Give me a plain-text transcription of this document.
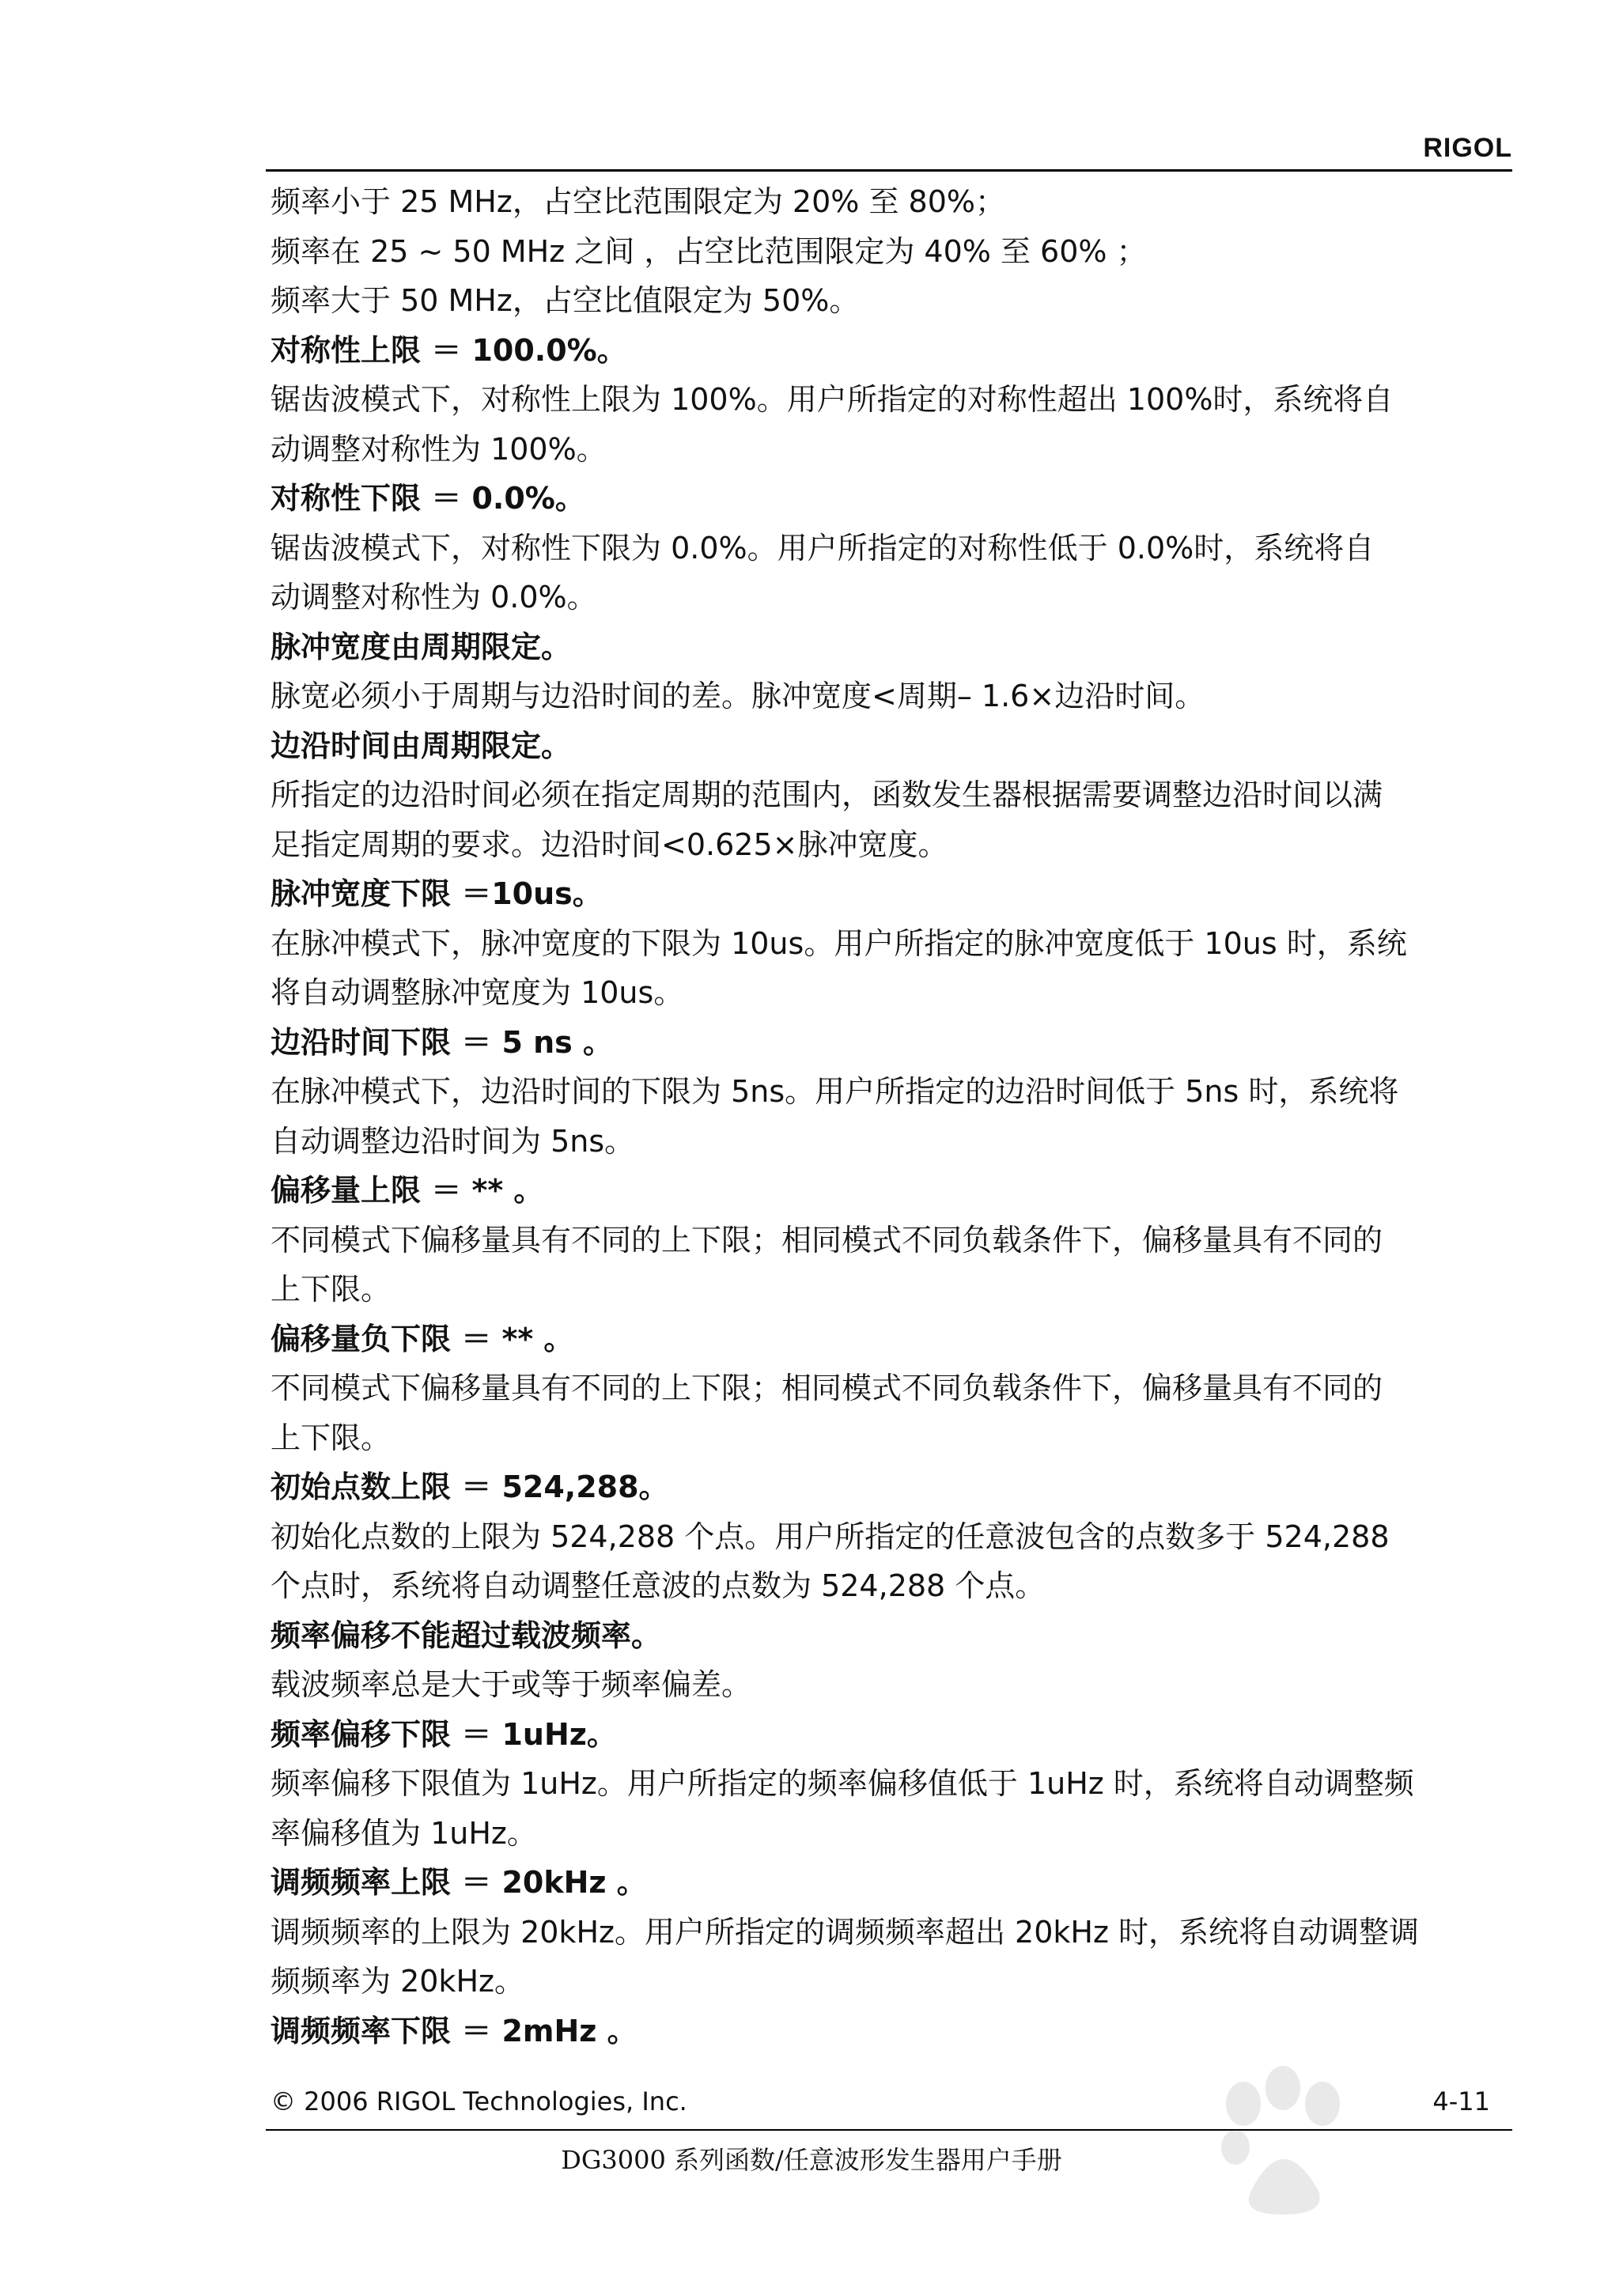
RIGOL
频率小于 25 MHz，占空比范围限定为 20% 至 80%；
频率在 25 ~ 50 MHz 之间 ，占空比范围限定为 40% 至 60% ；
频率大于 50 MHz，占空比值限定为 50%。
对称性上限 ＝ 100.0%。
锯齿波模式下，对称性上限为 100%。用户所指定的对称性超出 100%时，系统将自
动调整对称性为 100%。
对称性下限 ＝ 0.0%。
锯齿波模式下，对称性下限为 0.0%。用户所指定的对称性低于 0.0%时，系统将自
动调整对称性为 0.0%。
脉冲宽度由周期限定。
脉宽必须小于周期与边沿时间的差。脉冲宽度<周期– 1.6×边沿时间。
边沿时间由周期限定。
所指定的边沿时间必须在指定周期的范围内，函数发生器根据需要调整边沿时间以满
足指定周期的要求。边沿时间<0.625×脉冲宽度。
脉冲宽度下限 ＝10us。
在脉冲模式下，脉冲宽度的下限为 10us。用户所指定的脉冲宽度低于 10us 时，系统
将自动调整脉冲宽度为 10us。
边沿时间下限 ＝ 5 ns 。
在脉冲模式下，边沿时间的下限为 5ns。用户所指定的边沿时间低于 5ns 时，系统将
自动调整边沿时间为 5ns。
偏移量上限 ＝ ** 。
不同模式下偏移量具有不同的上下限；相同模式不同负载条件下，偏移量具有不同的
上下限。
偏移量负下限 ＝ ** 。
不同模式下偏移量具有不同的上下限；相同模式不同负载条件下，偏移量具有不同的
上下限。
初始点数上限 ＝ 524,288。
初始化点数的上限为 524,288 个点。用户所指定的任意波包含的点数多于 524,288
个点时，系统将自动调整任意波的点数为 524,288 个点。
频率偏移不能超过载波频率。
载波频率总是大于或等于频率偏差。
频率偏移下限 ＝ 1uHz。
频率偏移下限值为 1uHz。用户所指定的频率偏移值低于 1uHz 时，系统将自动调整频
率偏移值为 1uHz。
调频频率上限 ＝ 20kHz 。
调频频率的上限为 20kHz。用户所指定的调频频率超出 20kHz 时，系统将自动调整调
频频率为 20kHz。
调频频率下限 ＝ 2mHz 。
© 2006 RIGOL Technologies, Inc.	4-11
DG3000 系列函数/任意波形发生器用户手册
